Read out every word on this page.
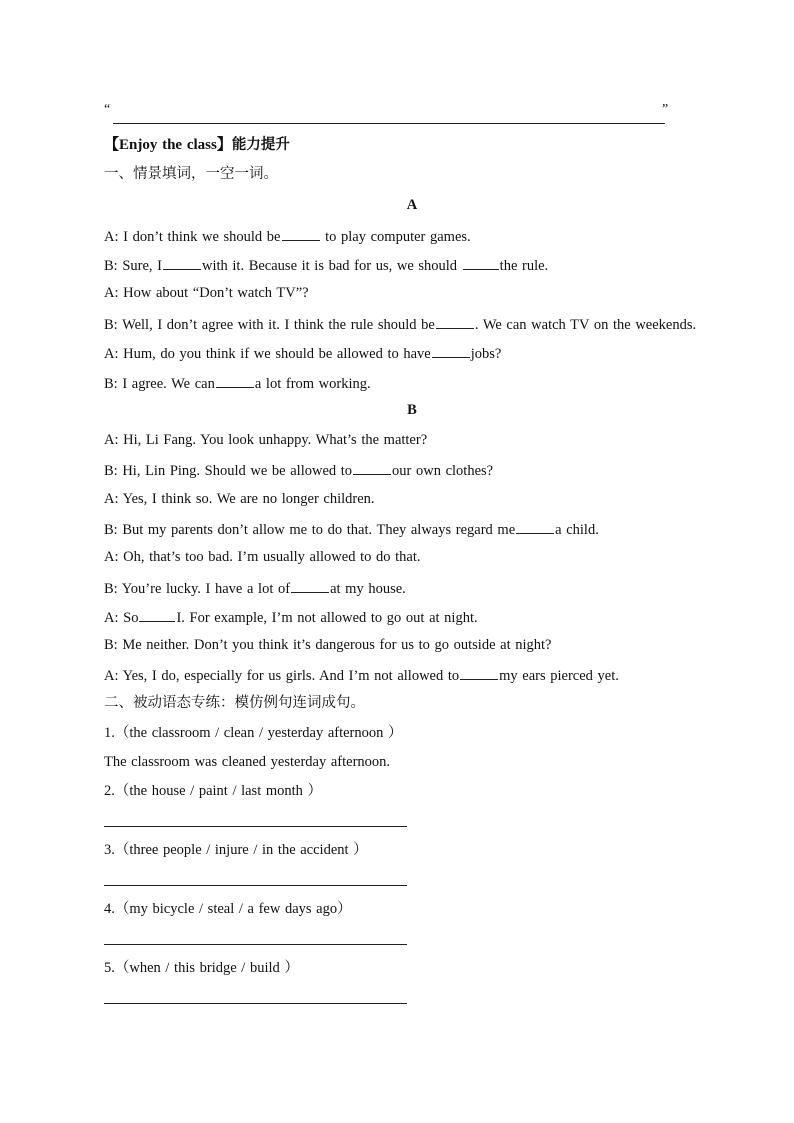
“	”
【Enjoy the class】能力提升
一、情景填词，一空一词。
A
A: I don’t think we should be	to play computer games.
B: Sure, I	with it. Because it is bad for us, we should	the rule.
A: How about “Don’t watch TV”?
B: Well, I don’t agree with it. I think the rule should be	. We can watch TV on the weekends.
A: Hum, do you think if we should be allowed to have	jobs?
B: I agree. We can	a lot from working.
B
A: Hi, Li Fang. You look unhappy. What’s the matter?
B: Hi, Lin Ping. Should we be allowed to	our own clothes?
A: Yes, I think so. We are no longer children.
B: But my parents don’t allow me to do that. They always regard me	a child.
A: Oh, that’s too bad. I’m usually allowed to do that.
B: You’re lucky. I have a lot of	at my house.
A: So	I. For example, I’m not allowed to go out at night.
B: Me neither. Don’t you think it’s dangerous for us to go outside at night?
A: Yes, I do, especially for us girls. And I’m not allowed to	my ears pierced yet.
二、被动语态专练：模仿例句连词成句。
1.（the classroom / clean / yesterday afternoon ）
The classroom was cleaned yesterday afternoon.
2.（the house / paint / last month ）
3.（three people / injure / in the accident ）
4.（my bicycle / steal / a few days ago）
5.（when / this bridge / build ）
